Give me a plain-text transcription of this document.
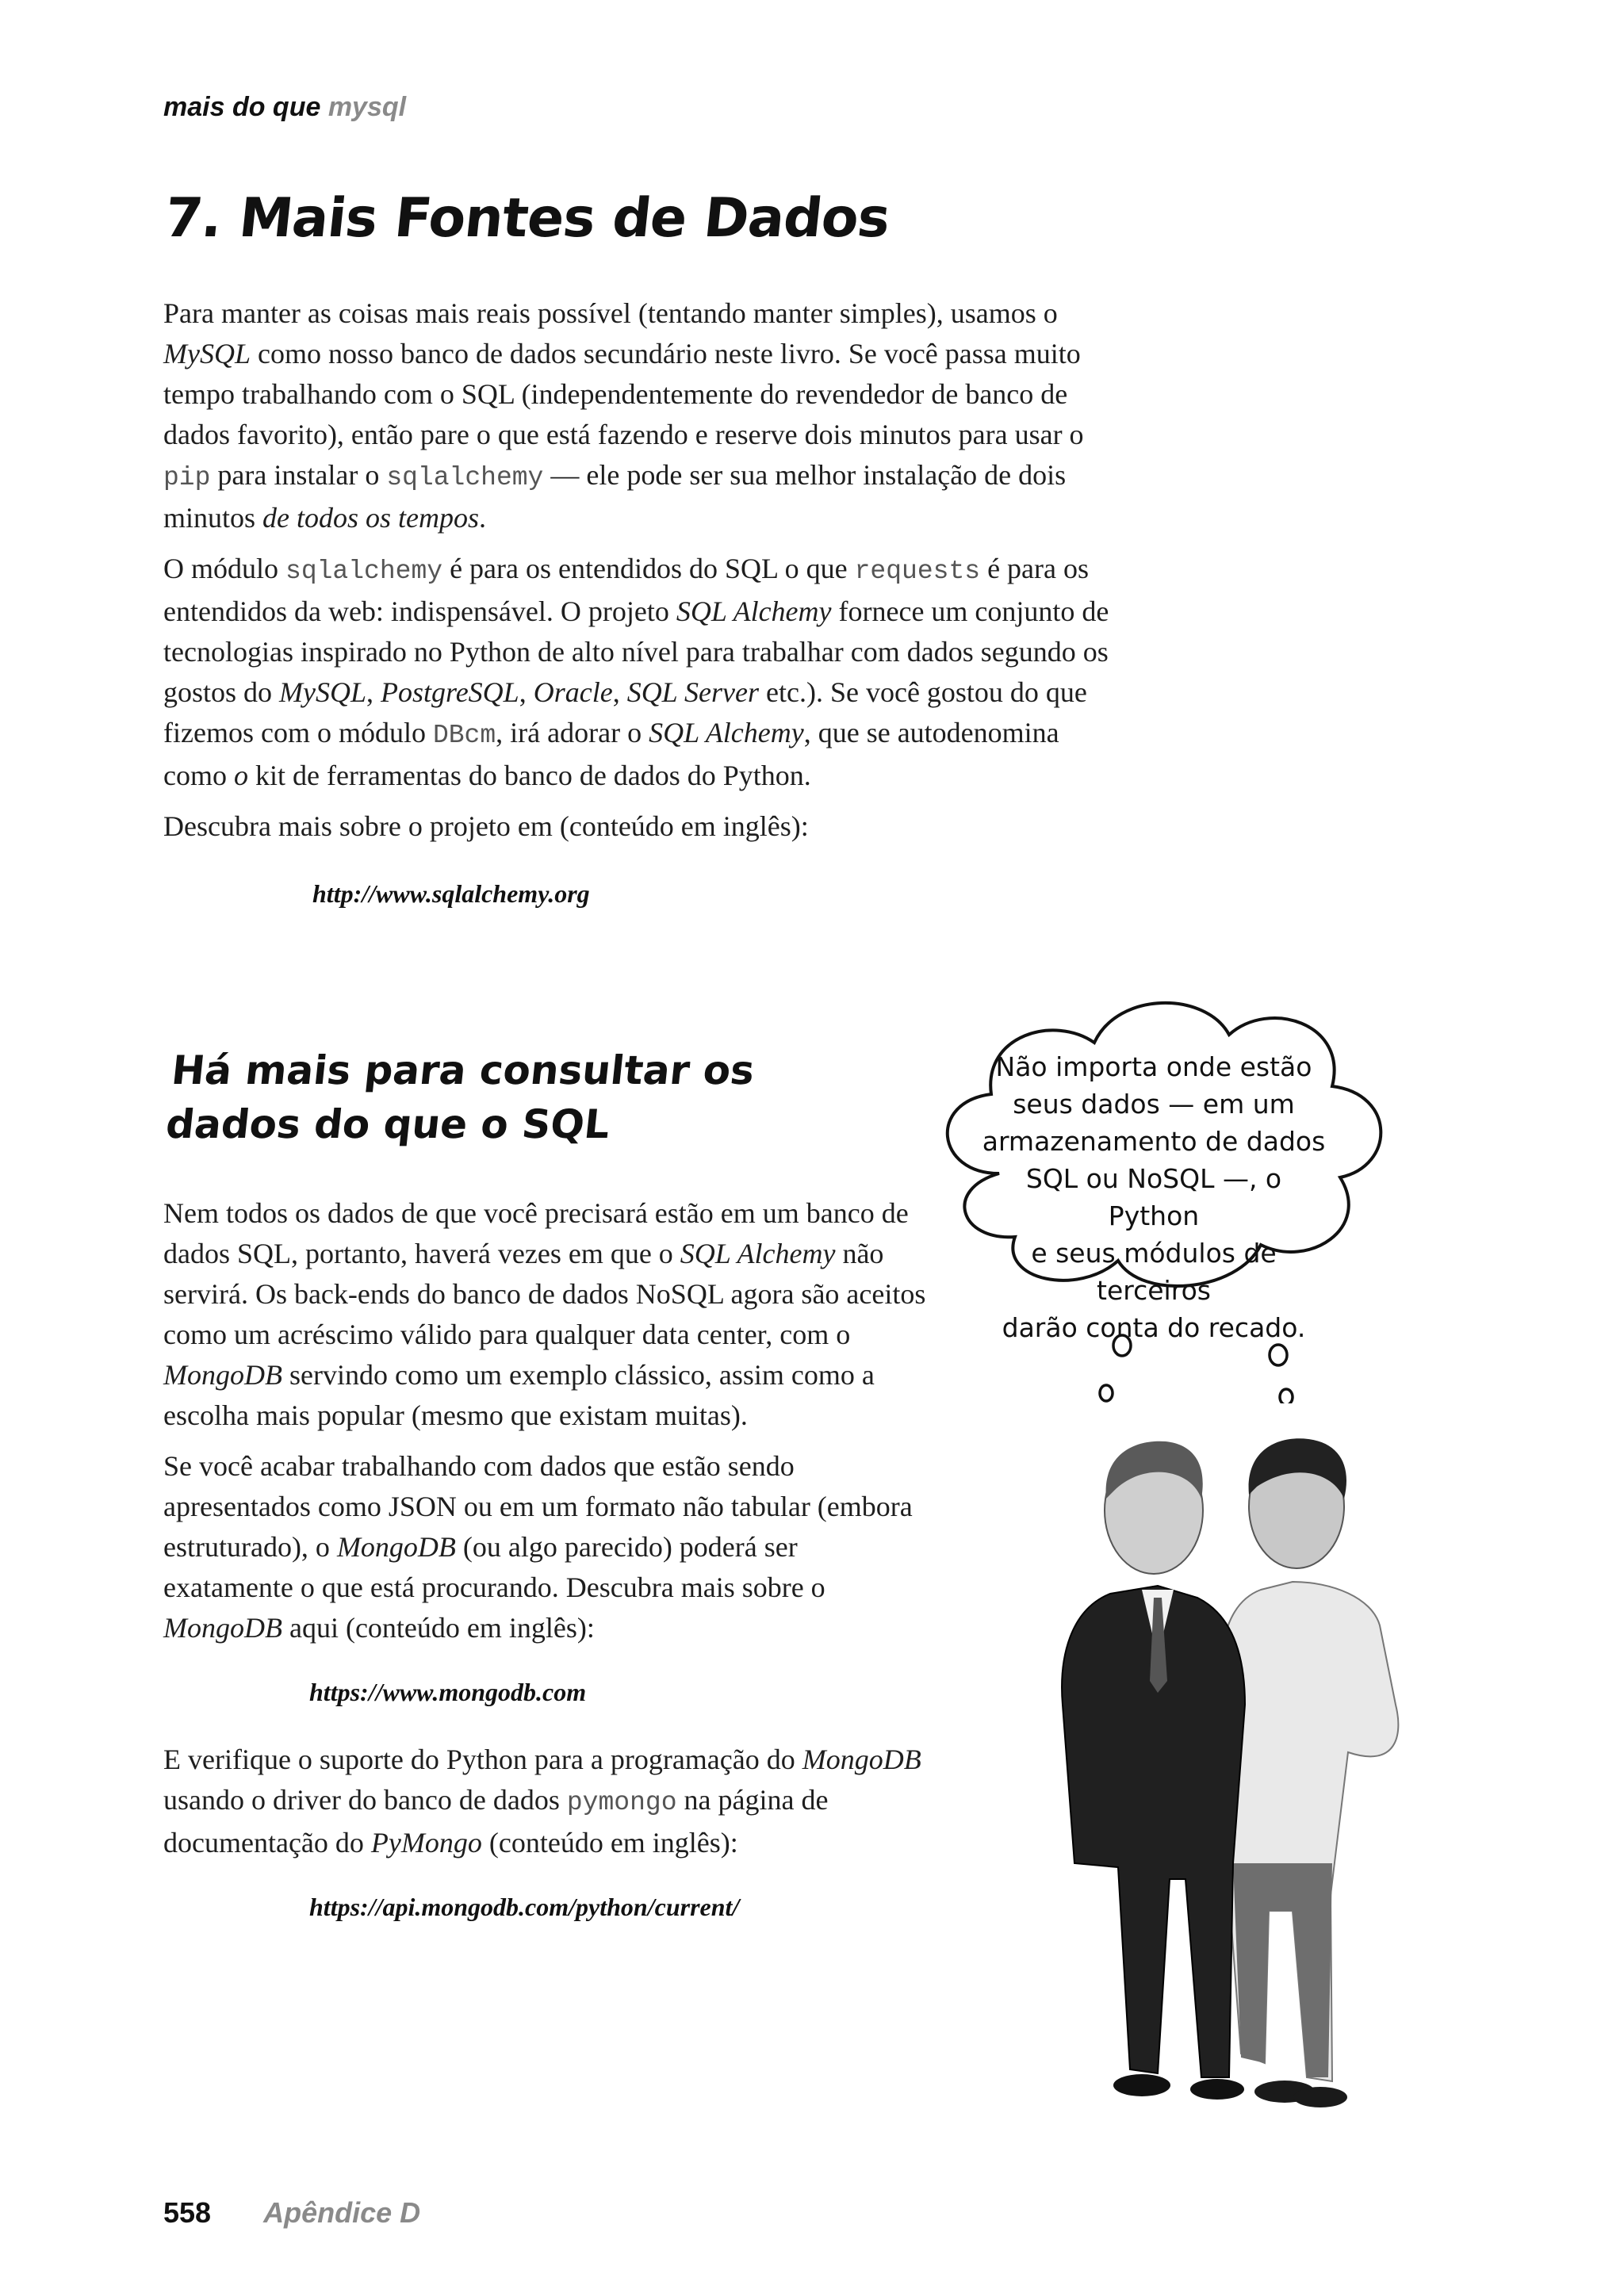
mais do que mysql
7. Mais Fontes de Dados

Para manter as coisas mais reais possível (tentando manter simples), usamos o MySQL como nosso banco de dados secundário neste livro. Se você passa muito tempo trabalhando com o SQL (independentemente do revendedor de banco de dados favorito), então pare o que está fazendo e reserve dois minutos para usar o pip para instalar o sqlalchemy — ele pode ser sua melhor instalação de dois minutos de todos os tempos.

O módulo sqlalchemy é para os entendidos do SQL o que requests é para os entendidos da web: indispensável. O projeto SQL Alchemy fornece um conjunto de tecnologias inspirado no Python de alto nível para trabalhar com dados segundo os gostos do MySQL, PostgreSQL, Oracle, SQL Server etc.). Se você gostou do que fizemos com o módulo DBcm, irá adorar o SQL Alchemy, que se autodenomina como o kit de ferramentas do banco de dados do Python.

Descubra mais sobre o projeto em (conteúdo em inglês):

http://www.sqlalchemy.org

Há mais para consultar os dados do que o SQL

Nem todos os dados de que você precisará estão em um banco de dados SQL, portanto, haverá vezes em que o SQL Alchemy não servirá. Os back-ends do banco de dados NoSQL agora são aceitos como um acréscimo válido para qualquer data center, com o MongoDB servindo como um exemplo clássico, assim como a escolha mais popular (mesmo que existam muitas).

Se você acabar trabalhando com dados que estão sendo apresentados como JSON ou em um formato não tabular (embora estruturado), o MongoDB (ou algo parecido) poderá ser exatamente o que está procurando. Descubra mais sobre o MongoDB aqui (conteúdo em inglês):

https://www.mongodb.com

E verifique o suporte do Python para a programação do MongoDB usando o driver do banco de dados pymongo na página de documentação do PyMongo (conteúdo em inglês):

https://api.mongodb.com/python/current/

Não importa onde estão
seus dados — em um
armazenamento de dados
SQL ou NoSQL —, o Python
e seus módulos de terceiros
darão conta do recado.
558 Apêndice D
